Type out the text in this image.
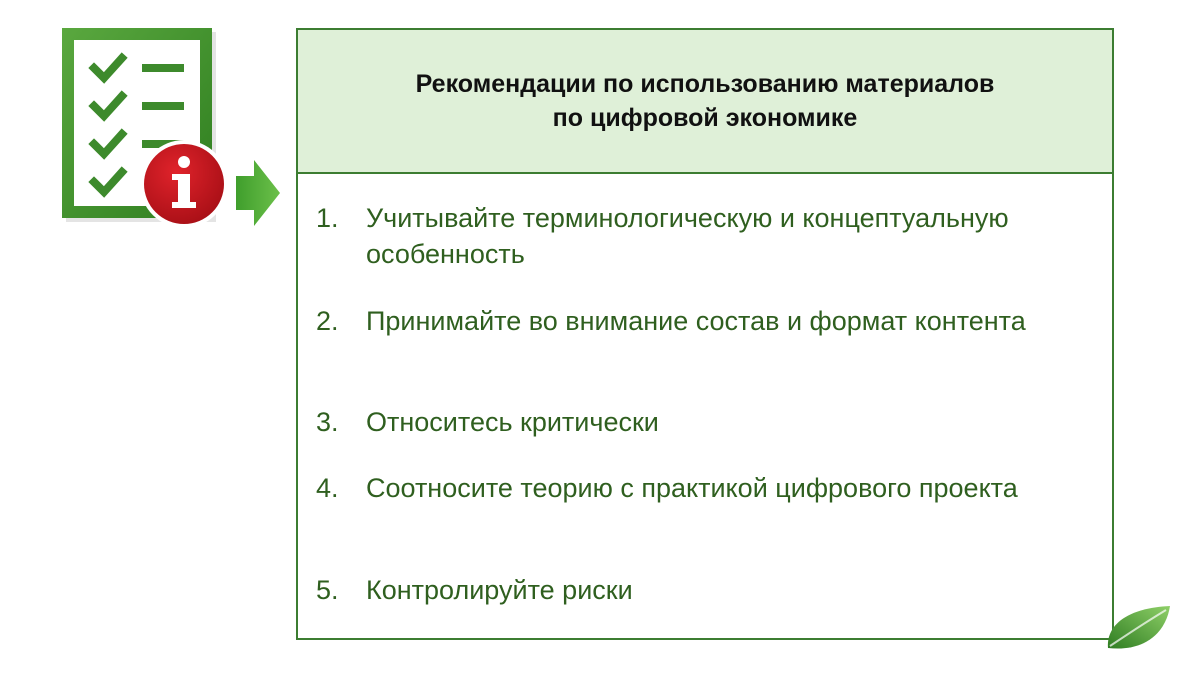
Рекомендации по использованию материалов
по цифровой экономике
1.	Учитывайте терминологическую и концептуальную особенность
2.	Принимайте во внимание состав и формат контента
3.	Относитесь критически
4.	Соотносите теорию с практикой цифрового проекта
5.	Контролируйте риски
